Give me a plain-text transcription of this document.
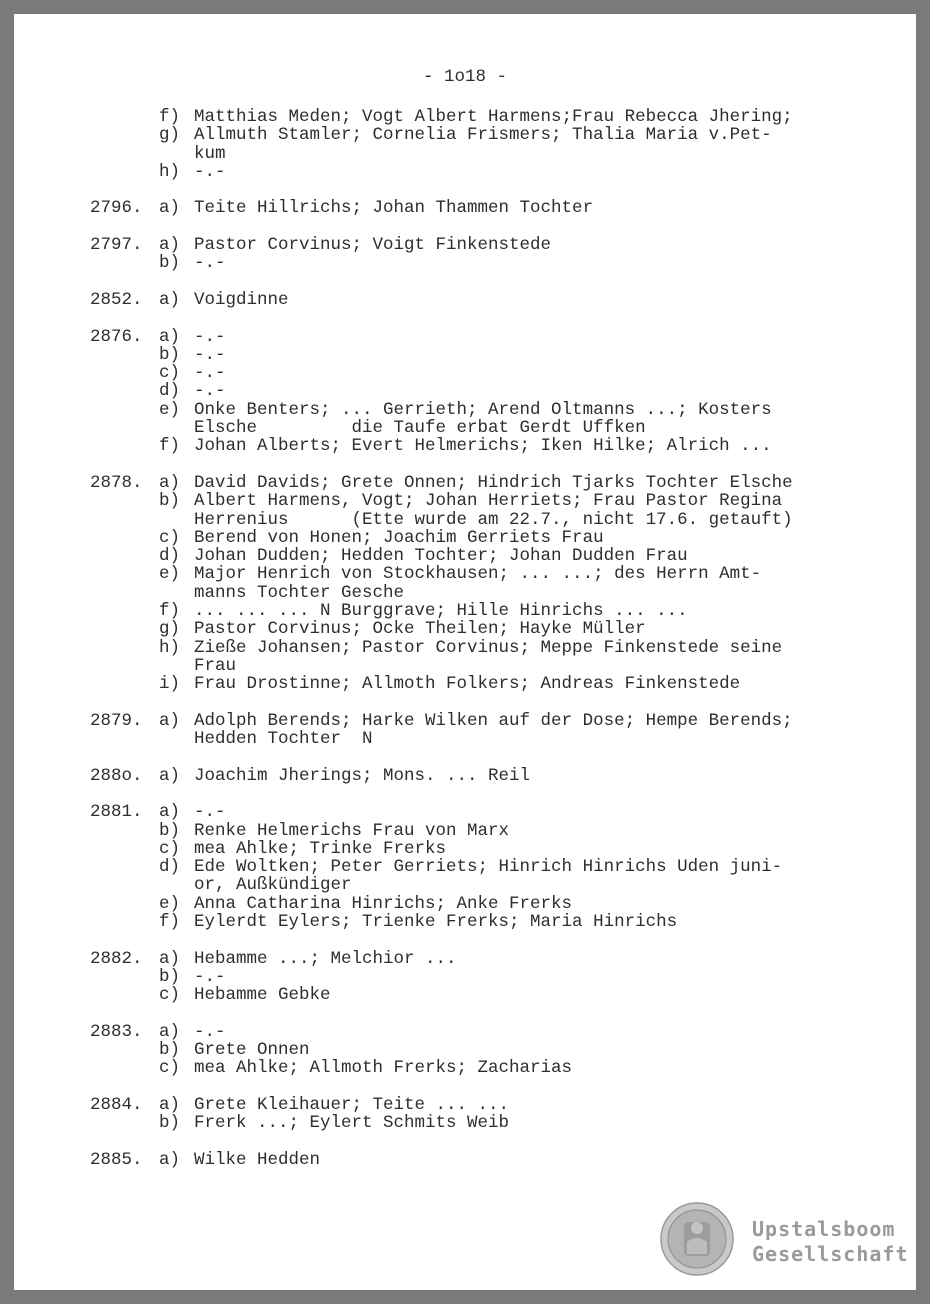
- 1o18 -
f) Matthias Meden; Vogt Albert Harmens;Frau Rebecca Jhering;
g) Allmuth Stamler; Cornelia Frismers; Thalia Maria v.Pet-
kum
h) -.-
2796. a) Teite Hillrichs; Johan Thammen Tochter
2797. a) Pastor Corvinus; Voigt Finkenstede
b) -.-
2852. a) Voigdinne
2876. a) -.-
b) -.-
c) -.-
d) -.-
e) Onke Benters; ... Gerrieth; Arend Oltmanns ...; Kosters
Elsche         die Taufe erbat Gerdt Uffken
f) Johan Alberts; Evert Helmerichs; Iken Hilke; Alrich ...
2878. a) David Davids; Grete Onnen; Hindrich Tjarks Tochter Elsche
b) Albert Harmens, Vogt; Johan Herriets; Frau Pastor Regina
Herrenius      (Ette wurde am 22.7., nicht 17.6. getauft)
c) Berend von Honen; Joachim Gerriets Frau
d) Johan Dudden; Hedden Tochter; Johan Dudden Frau
e) Major Henrich von Stockhausen; ... ...; des Herrn Amt-
manns Tochter Gesche
f) ... ... ... N Burggrave; Hille Hinrichs ... ...
g) Pastor Corvinus; Ocke Theilen; Hayke Müller
h) Zieße Johansen; Pastor Corvinus; Meppe Finkenstede seine
Frau
i) Frau Drostinne; Allmoth Folkers; Andreas Finkenstede
2879. a) Adolph Berends; Harke Wilken auf der Dose; Hempe Berends;
Hedden Tochter  N
288o. a) Joachim Jherings; Mons. ... Reil
2881. a) -.-
b) Renke Helmerichs Frau von Marx
c) mea Ahlke; Trinke Frerks
d) Ede Woltken; Peter Gerriets; Hinrich Hinrichs Uden juni-
or, Außkündiger
e) Anna Catharina Hinrichs; Anke Frerks
f) Eylerdt Eylers; Trienke Frerks; Maria Hinrichs
2882. a) Hebamme ...; Melchior ...
b) -.-
c) Hebamme Gebke
2883. a) -.-
b) Grete Onnen
c) mea Ahlke; Allmoth Frerks; Zacharias
2884. a) Grete Kleihauer; Teite ... ...
b) Frerk ...; Eylert Schmits Weib
2885. a) Wilke Hedden
Upstalsboom
Gesellschaft
